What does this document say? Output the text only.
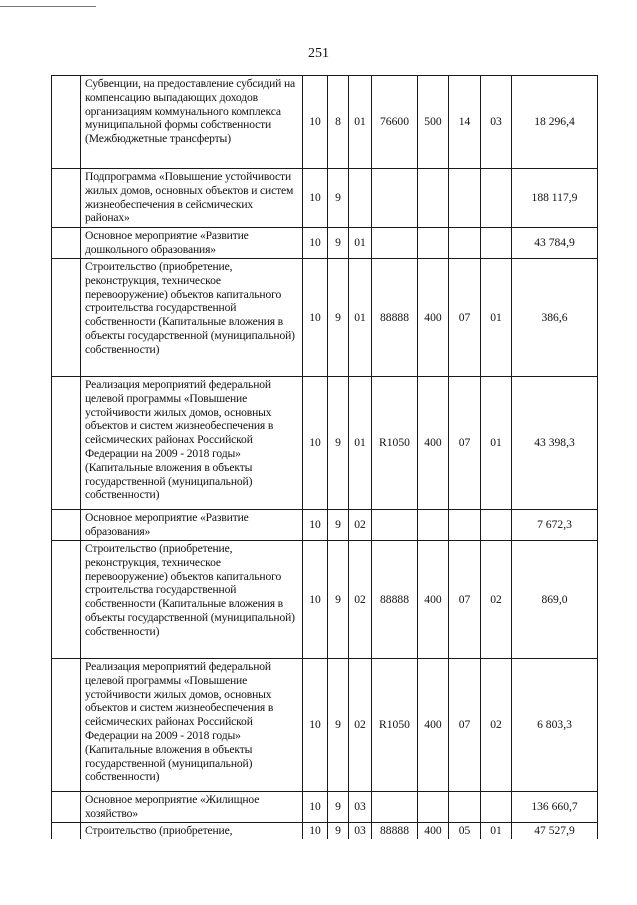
251
	Субвенции, на предоставление субсидий на компенсацию выпадающих доходов организациям коммунального комплекса муниципальной формы собственности (Межбюджетные трансферты)	10	8	01	76600	500	14	03	18 296,4
	Подпрограмма «Повышение устойчивости жилых домов, основных объектов и систем жизнеобеспечения в сейсмических районах»	10	9						188 117,9
	Основное мероприятие «Развитие дошкольного образования»	10	9	01					43 784,9
	Строительство (приобретение, реконструкция, техническое перевооружение) объектов капитального строительства государственной собственности (Капитальные вложения в объекты государственной (муниципальной) собственности)	10	9	01	88888	400	07	01	386,6
	Реализация мероприятий федеральной целевой программы «Повышение устойчивости жилых домов, основных объектов и систем жизнеобеспечения в сейсмических районах Российской Федерации на 2009 - 2018 годы» (Капитальные вложения в объекты государственной (муниципальной) собственности)	10	9	01	R1050	400	07	01	43 398,3
	Основное мероприятие «Развитие образования»	10	9	02					7 672,3
	Строительство (приобретение, реконструкция, техническое перевооружение) объектов капитального строительства государственной собственности (Капитальные вложения в объекты государственной (муниципальной) собственности)	10	9	02	88888	400	07	02	869,0
	Реализация мероприятий федеральной целевой программы «Повышение устойчивости жилых домов, основных объектов и систем жизнеобеспечения в сейсмических районах Российской Федерации на 2009 - 2018 годы» (Капитальные вложения в объекты государственной (муниципальной) собственности)	10	9	02	R1050	400	07	02	6 803,3
	Основное мероприятие «Жилищное хозяйство»	10	9	03					136 660,7
	Строительство (приобретение,	10	9	03	88888	400	05	01	47 527,9
